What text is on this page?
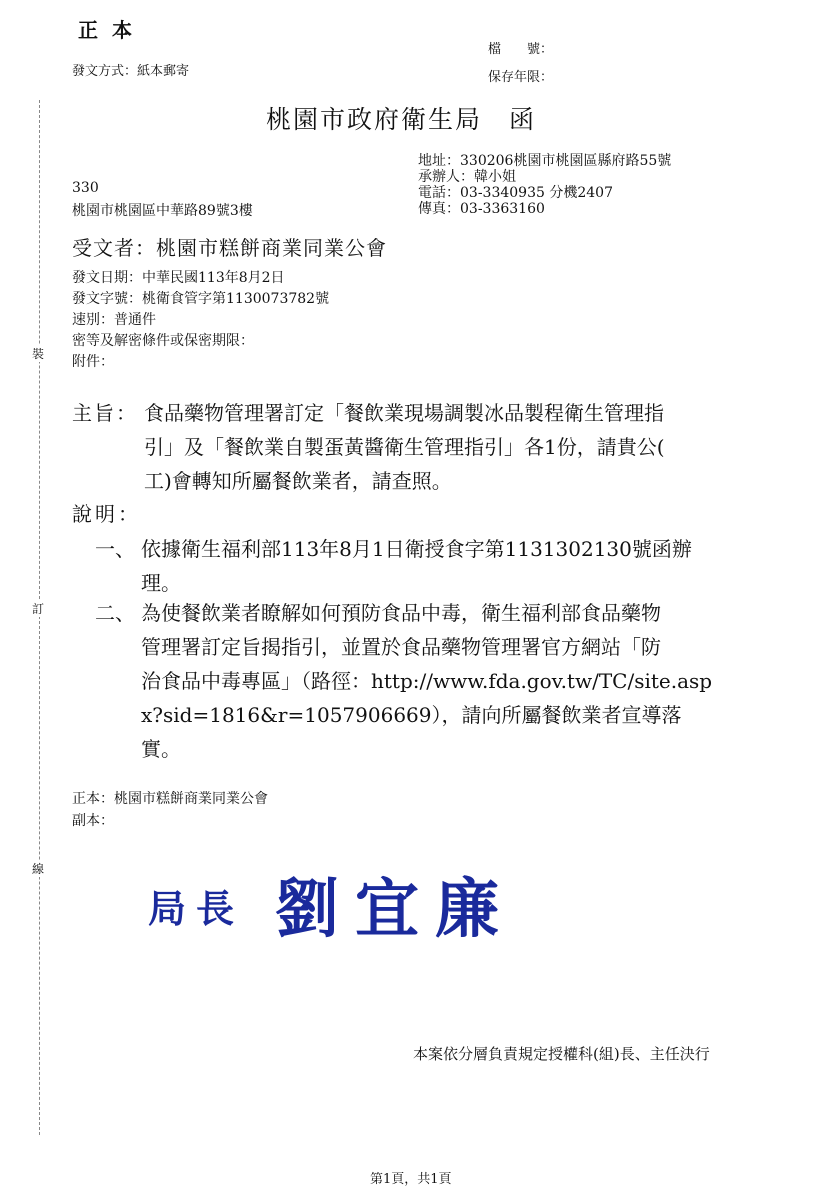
正本
檔　　號：
保存年限：
發文方式：紙本郵寄
裝
訂
線
桃園市政府衛生局　函
地址：330206桃園市桃園區縣府路55號
承辦人：韓小姐
電話：03-3340935 分機2407
傳真：03-3363160
330
桃園市桃園區中華路89號3樓
受文者：桃園市糕餅商業同業公會
發文日期：中華民國113年8月2日
發文字號：桃衛食管字第1130073782號
速別：普通件
密等及解密條件或保密期限：
附件：
主旨： 食品藥物管理署訂定「餐飲業現場調製冰品製程衛生管理指
引」及「餐飲業自製蛋黃醬衛生管理指引」各1份，請貴公(
工)會轉知所屬餐飲業者，請查照。
說明：
一、 依據衛生福利部113年8月1日衛授食字第1131302130號函辦
理。
二、 為使餐飲業者瞭解如何預防食品中毒，衛生福利部食品藥物
管理署訂定旨揭指引，並置於食品藥物管理署官方網站「防
治食品中毒專區」（路徑：http://www.fda.gov.tw/TC/site.asp
x?sid=1816&r=1057906669），請向所屬餐飲業者宣導落
實。
正本：桃園市糕餅商業同業公會
副本：
局長 劉宜廉
本案依分層負責規定授權科(組)長、主任決行
第1頁，共1頁
